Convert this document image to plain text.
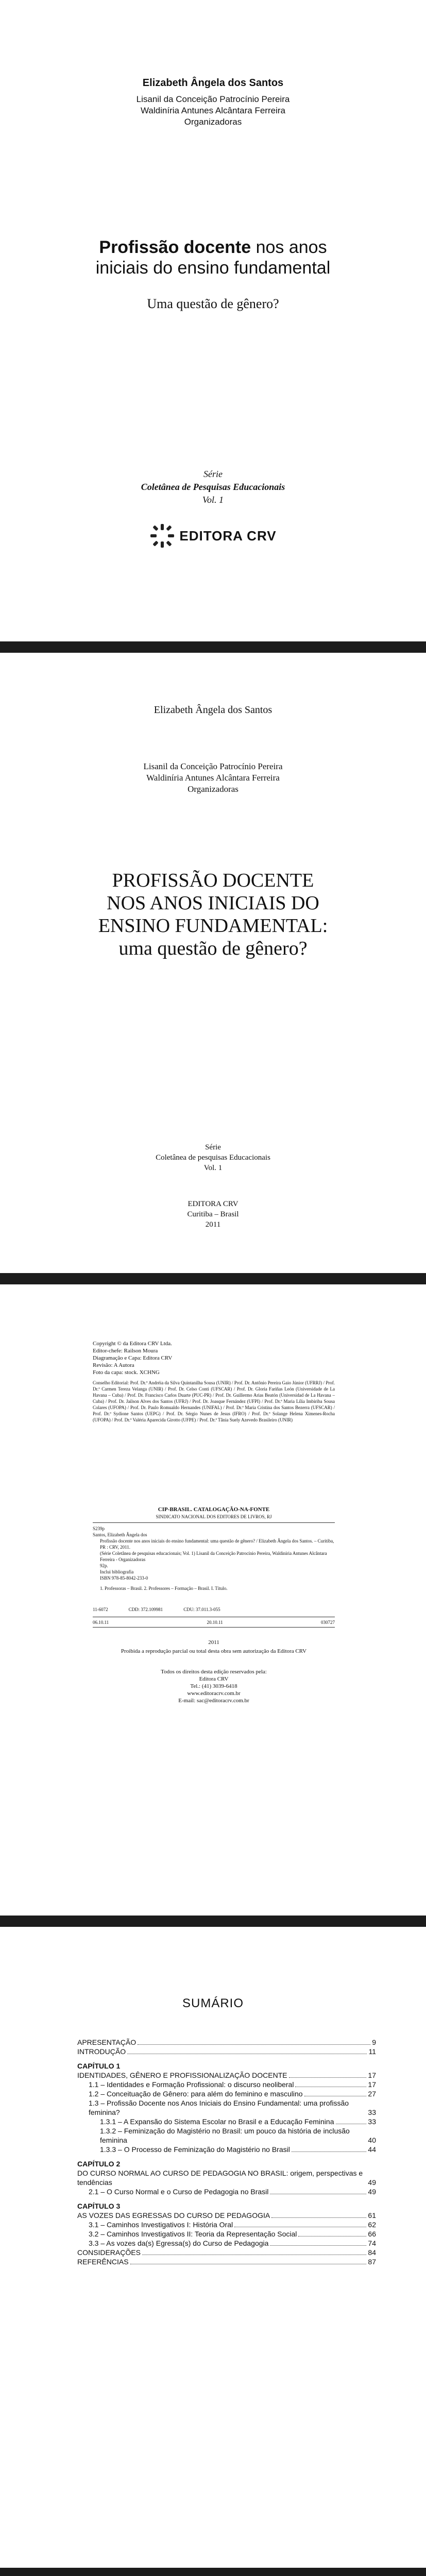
Elizabeth Ângela dos Santos
Lisanil da Conceição Patrocínio Pereira
Waldiníria Antunes Alcântara Ferreira
Organizadoras
Profissão docente nos anos iniciais do ensino fundamental
Uma questão de gênero?
Série
Coletânea de Pesquisas Educacionais
Vol. 1
EDITORA CRV
Elizabeth Ângela dos Santos
Lisanil da Conceição Patrocínio Pereira
Waldiníria Antunes Alcântara Ferreira
Organizadoras
PROFISSÃO DOCENTE
NOS ANOS INICIAIS DO
ENSINO FUNDAMENTAL:
uma questão de gênero?
Série
Coletânea de pesquisas Educacionais
Vol. 1
EDITORA CRV
Curitiba – Brasil
2011
Copyright © da Editora CRV Ltda.
Editor-chefe: Railson Moura
Diagramação e Capa: Editora CRV
Revisão: A Autora
Foto da capa: stock. XCHNG
Conselho Editorial: Prof. Dr.ª Andréia da Silva Quintanilha Sousa (UNIR) / Prof. Dr. Antônio Pereira Gaio Júnior (UFRRJ) / Prof. Dr.ª Carmen Tereza Velanga (UNIR) / Prof. Dr. Celso Conti (UFSCAR) / Prof. Dr. Gloria Fariñas León (Universidade de La Havana – Cuba) / Prof. Dr. Francisco Carlos Duarte (PUC-PR) / Prof. Dr. Guillermo Arias Beatón (Universidad de La Havana – Cuba) / Prof. Dr. Jailson Alves dos Santos (UFRJ) / Prof. Dr. Joasque Fernández (UFPI) / Prof. Dr.ª Maria Lília Imbiriba Sousa Colares (UFOPA) / Prof. Dr. Paulo Romualdo Hernandes (UNIFAL) / Prof. Dr.ª Maria Cristina dos Santos Bezerra (UFSCAR) / Prof. Dr.ª Sydione Santos (UEPG) / Prof. Dr. Sérgio Nunes de Jesus (IFRO) / Prof. Dr.ª Solange Helena Ximenes-Rocha (UFOPA) / Prof. Dr.ª Valéria Aparecida Girotto (UFPE) / Prof. Dr.ª Tânia Suely Azevedo Brasileiro (UNIR)
CIP-BRASIL. CATALOGAÇÃO-NA-FONTE
SINDICATO NACIONAL DOS EDITORES DE LIVROS, RJ
S239p
Santos, Elizabeth Ângela dos
Profissão docente nos anos iniciais do ensino fundamental: uma questão de gênero? / Elizabeth Ângela dos Santos. – Curitiba, PR : CRV, 2011.
(Série Coletânea de pesquisas educacionais; Vol. 1) Lisanil da Conceição Patrocínio Pereira, Waldiníria Antunes Alcântara Ferreira - Organizadoras
92p.
Inclui bibliografia
ISBN 978-85-8042-233-0
1. Professoras – Brasil. 2. Professores – Formação – Brasil. I. Título.
11-6072	CDD: 372.109981	CDU: 37.011.3-055
06.10.11	20.10.11	030727
2011
Proibida a reprodução parcial ou total desta obra sem autorização da Editora CRV
Todos os direitos desta edição reservados pela:
Editora CRV
Tel.: (41) 3039-6418
www.editoracrv.com.br
E-mail: sac@editoracrv.com.br
SUMÁRIO
APRESENTAÇÃO	9
INTRODUÇÃO	11
CAPÍTULO 1
IDENTIDADES, GÊNERO E PROFISSIONALIZAÇÃO DOCENTE	17
1.1 – Identidades e Formação Profissional: o discurso neoliberal	17
1.2 – Conceituação de Gênero: para além do feminino e masculino	27
1.3 – Profissão Docente nos Anos Iniciais do Ensino Fundamental: uma profissão feminina?	33
1.3.1 – A Expansão do Sistema Escolar no Brasil e a Educação Feminina	33
1.3.2 – Feminização do Magistério no Brasil: um pouco da história de inclusão feminina	40
1.3.3 – O Processo de Feminização do Magistério no Brasil	44
CAPÍTULO 2
DO CURSO NORMAL AO CURSO DE PEDAGOGIA NO BRASIL: origem, perspectivas e tendências	49
2.1 – O Curso Normal e o Curso de Pedagogia no Brasil	49
CAPÍTULO 3
AS VOZES DAS EGRESSAS DO CURSO DE PEDAGOGIA	61
3.1 – Caminhos Investigativos I: História Oral	62
3.2 – Caminhos Investigativos II: Teoria da Representação Social	66
3.3 – As vozes da(s) Egressa(s) do Curso de Pedagogia	74
CONSIDERAÇÕES	84
REFERÊNCIAS	87
